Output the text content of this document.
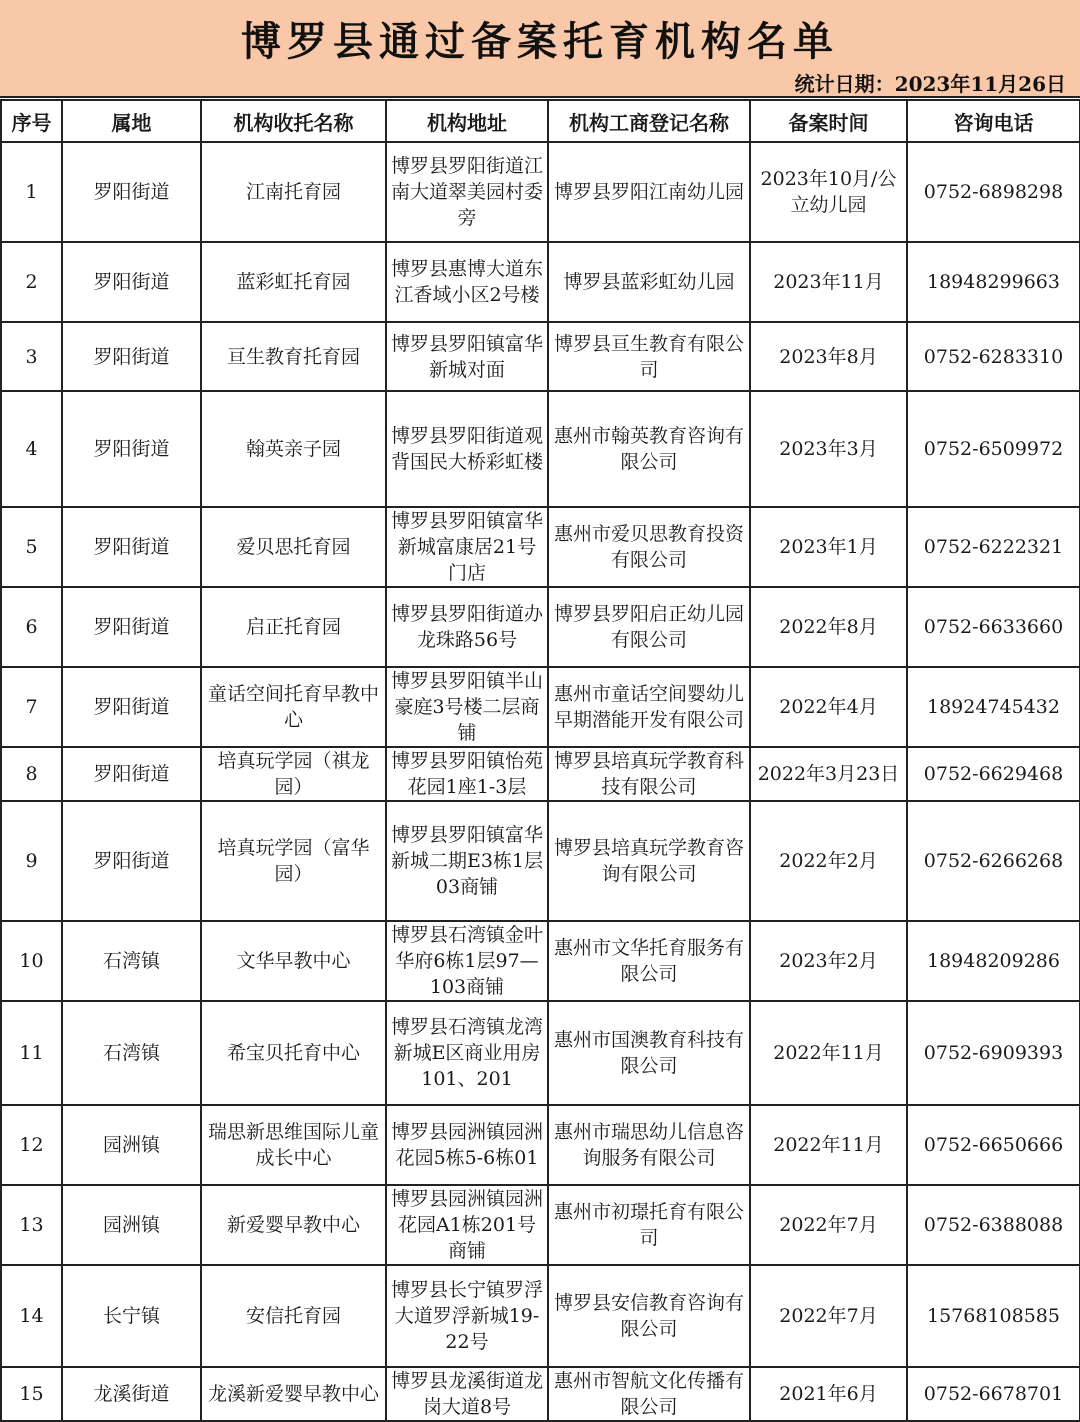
博罗县通过备案托育机构名单
统计日期：2023年11月26日
序号	属地	机构收托名称	机构地址	机构工商登记名称	备案时间	咨询电话
1	罗阳街道	江南托育园	博罗县罗阳街道江南大道翠美园村委旁	博罗县罗阳江南幼儿园	2023年10月/公立幼儿园	0752-6898298
2	罗阳街道	蓝彩虹托育园	博罗县惠博大道东江香域小区2号楼	博罗县蓝彩虹幼儿园	2023年11月	18948299663
3	罗阳街道	亘生教育托育园	博罗县罗阳镇富华新城对面	博罗县亘生教育有限公司	2023年8月	0752-6283310
4	罗阳街道	翰英亲子园	博罗县罗阳街道观背国民大桥彩虹楼	惠州市翰英教育咨询有限公司	2023年3月	0752-6509972
5	罗阳街道	爱贝思托育园	博罗县罗阳镇富华新城富康居21号门店	惠州市爱贝思教育投资有限公司	2023年1月	0752-6222321
6	罗阳街道	启正托育园	博罗县罗阳街道办龙珠路56号	博罗县罗阳启正幼儿园有限公司	2022年8月	0752-6633660
7	罗阳街道	童话空间托育早教中心	博罗县罗阳镇半山豪庭3号楼二层商铺	惠州市童话空间婴幼儿早期潜能开发有限公司	2022年4月	18924745432
8	罗阳街道	培真玩学园（祺龙园）	博罗县罗阳镇怡苑花园1座1-3层	博罗县培真玩学教育科技有限公司	2022年3月23日	0752-6629468
9	罗阳街道	培真玩学园（富华园）	博罗县罗阳镇富华新城二期E3栋1层03商铺	博罗县培真玩学教育咨询有限公司	2022年2月	0752-6266268
10	石湾镇	文华早教中心	博罗县石湾镇金叶华府6栋1层97—103商铺	惠州市文华托育服务有限公司	2023年2月	18948209286
11	石湾镇	希宝贝托育中心	博罗县石湾镇龙湾新城E区商业用房101、201	惠州市国澳教育科技有限公司	2022年11月	0752-6909393
12	园洲镇	瑞思新思维国际儿童成长中心	博罗县园洲镇园洲花园5栋5-6栋01	惠州市瑞思幼儿信息咨询服务有限公司	2022年11月	0752-6650666
13	园洲镇	新爱婴早教中心	博罗县园洲镇园洲花园A1栋201号商铺	惠州市初璟托育有限公司	2022年7月	0752-6388088
14	长宁镇	安信托育园	博罗县长宁镇罗浮大道罗浮新城19-22号	博罗县安信教育咨询有限公司	2022年7月	15768108585
15	龙溪街道	龙溪新爱婴早教中心	博罗县龙溪街道龙岗大道8号	惠州市智航文化传播有限公司	2021年6月	0752-6678701
